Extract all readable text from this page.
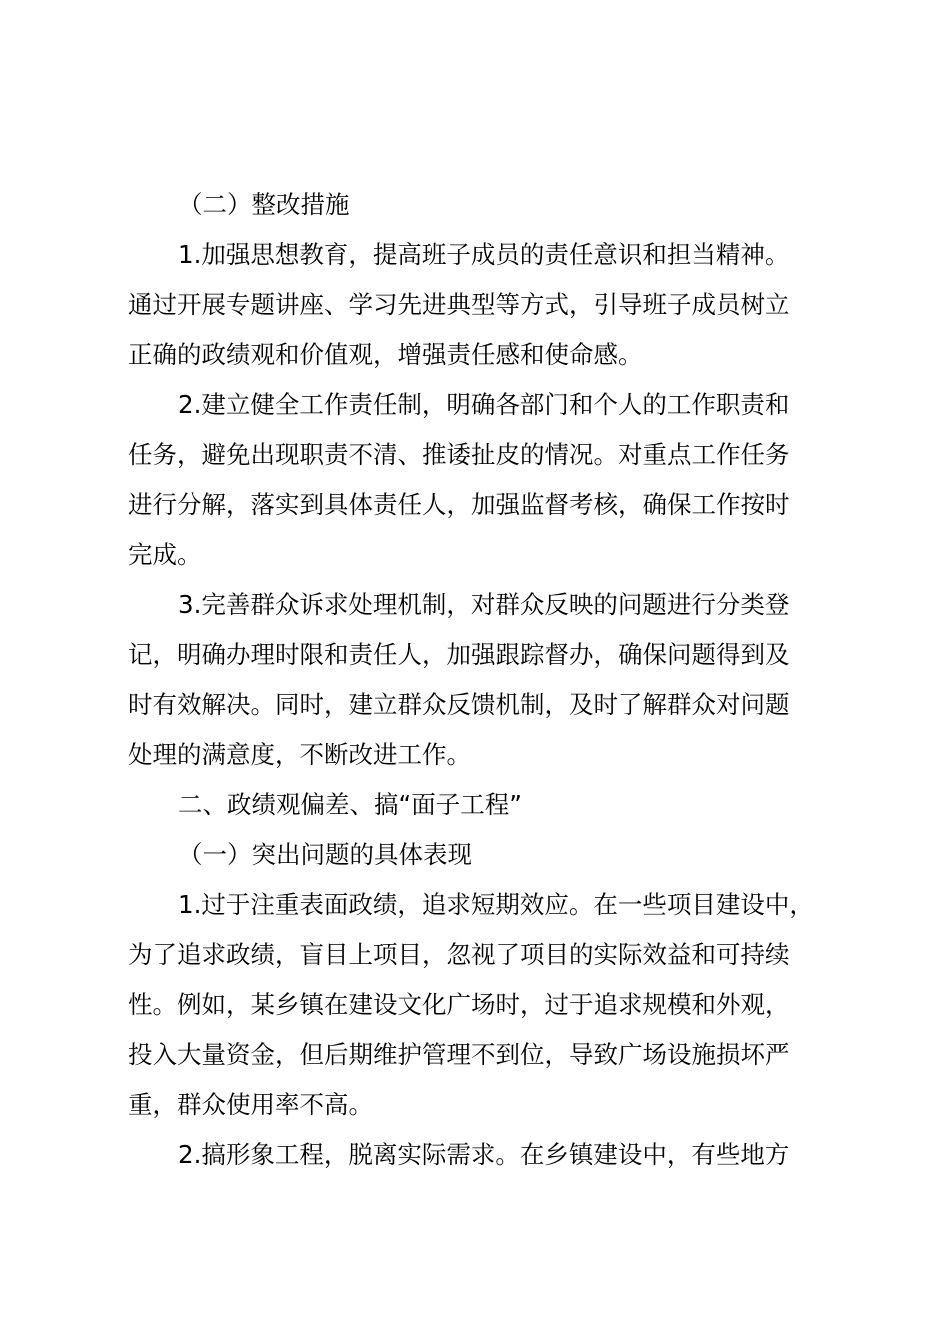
（二）整改措施
1.加强思想教育，提高班子成员的责任意识和担当精神。
通过开展专题讲座、学习先进典型等方式，引导班子成员树立
正确的政绩观和价值观，增强责任感和使命感。
2.建立健全工作责任制，明确各部门和个人的工作职责和
任务，避免出现职责不清、推诿扯皮的情况。对重点工作任务
进行分解，落实到具体责任人，加强监督考核，确保工作按时
完成。
3.完善群众诉求处理机制，对群众反映的问题进行分类登
记，明确办理时限和责任人，加强跟踪督办，确保问题得到及
时有效解决。同时，建立群众反馈机制，及时了解群众对问题
处理的满意度，不断改进工作。
二、政绩观偏差、搞“面子工程”
（一）突出问题的具体表现
1.过于注重表面政绩，追求短期效应。在一些项目建设中，
为了追求政绩，盲目上项目，忽视了项目的实际效益和可持续
性。例如，某乡镇在建设文化广场时，过于追求规模和外观，
投入大量资金，但后期维护管理不到位，导致广场设施损坏严
重，群众使用率不高。
2.搞形象工程，脱离实际需求。在乡镇建设中，有些地方
